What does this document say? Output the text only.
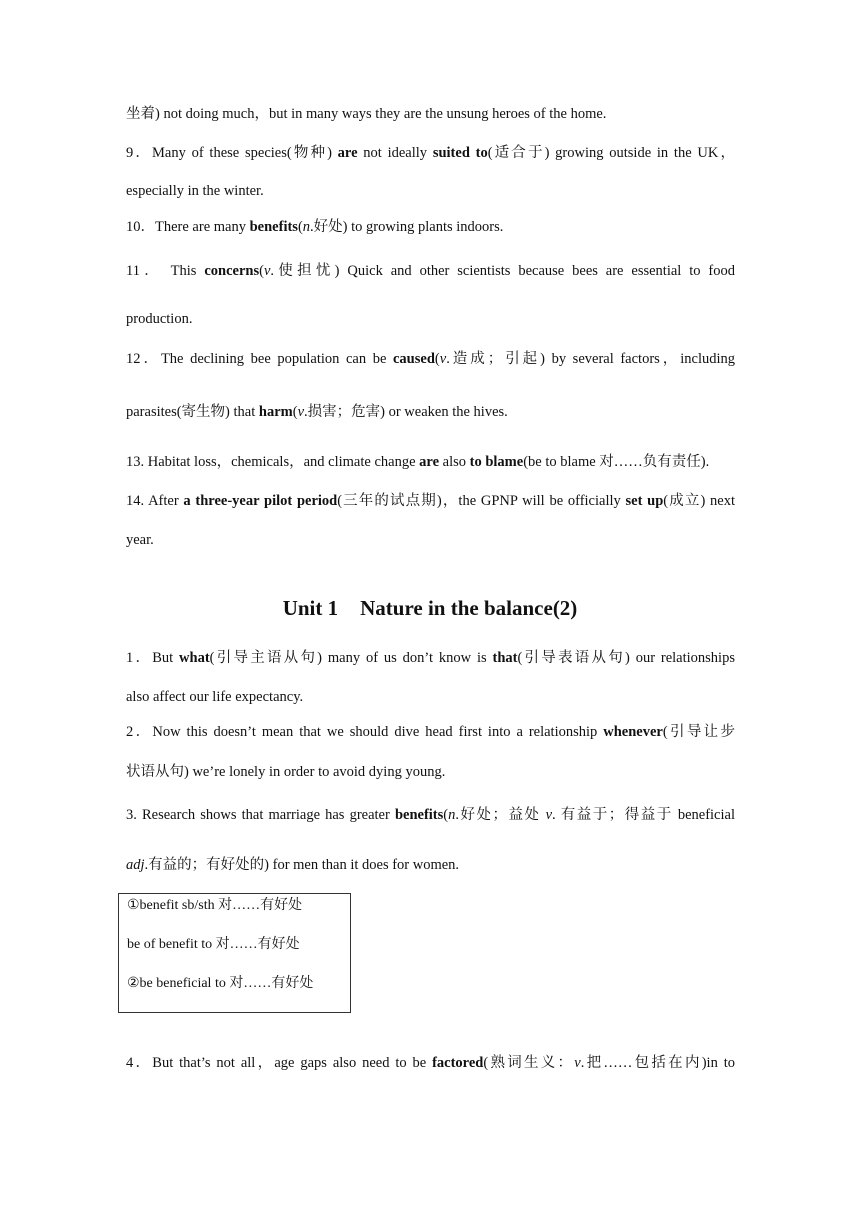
坐着) not doing much，but in many ways they are the unsung heroes of the home.
9．Many of these species(物种) are not ideally suited to(适合于) growing outside in the UK，
especially in the winter.
10．There are many benefits(n.好处) to growing plants indoors.
11． This concerns(v.使担忧) Quick and other scientists because bees are essential to food
production.
12．The declining bee population can be caused(v.造成；引起) by several factors，including
parasites(寄生物) that harm(v.损害；危害) or weaken the hives.
13. Habitat loss，chemicals，and climate change are also to blame(be to blame 对……负有责任).
14. After a three-year pilot period(三年的试点期)，the GPNP will be officially set up(成立) next
year.
Unit 1 Nature in the balance(2)
1．But what(引导主语从句) many of us don’t know is that(引导表语从句) our relationships
also affect our life expectancy.
2．Now this doesn’t mean that we should dive head first into a relationship whenever(引导让步
状语从句) we’re lonely in order to avoid dying young.
3. Research shows that marriage has greater benefits(n.好处；益处 v. 有益于；得益于 beneficial
adj.有益的；有好处的) for men than it does for women.
①benefit sb/sth 对……有好处
be of benefit to 对……有好处
②be beneficial to 对……有好处
4．But that’s not all，age gaps also need to be factored(熟词生义：v.把……包括在内)in to
